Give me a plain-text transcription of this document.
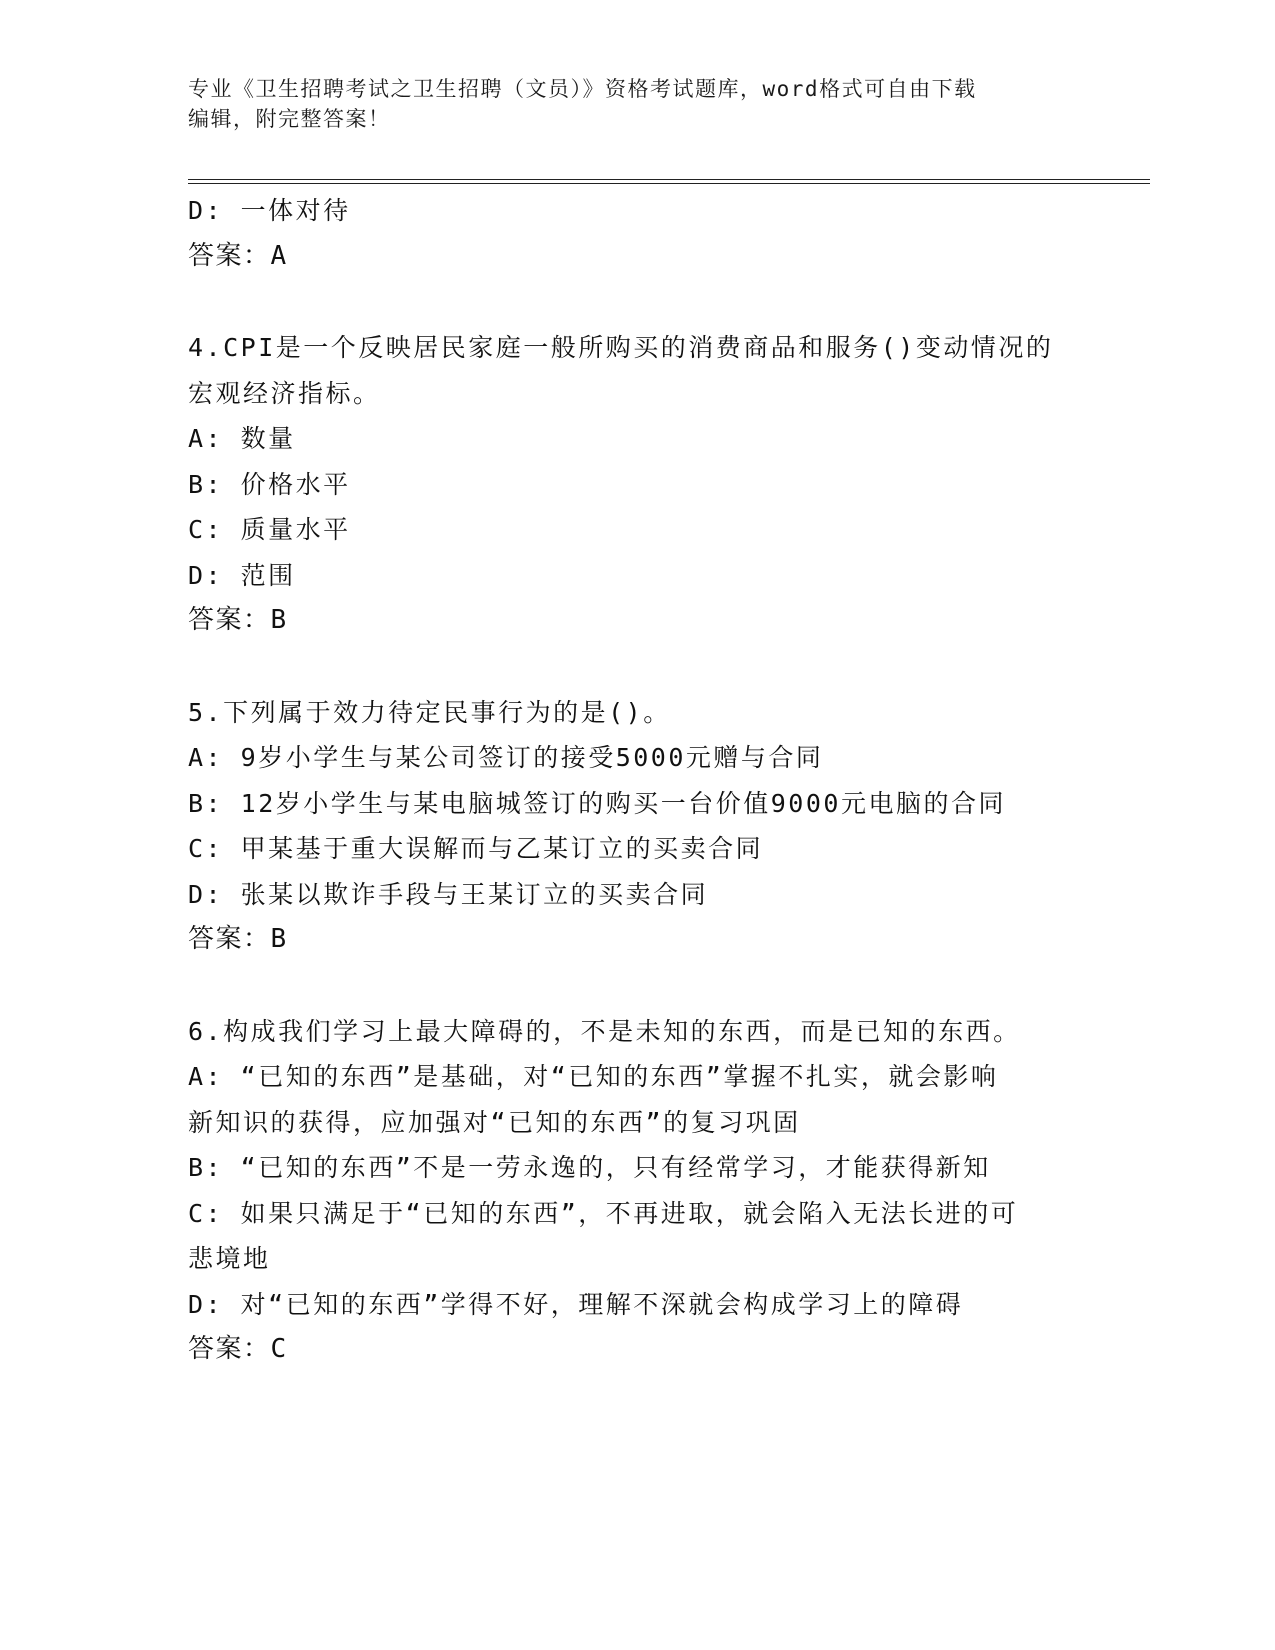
专业《卫生招聘考试之卫生招聘（文员）》资格考试题库，word格式可自由下载
编辑，附完整答案！
D: 一体对待
答案：A
4.CPI是一个反映居民家庭一般所购买的消费商品和服务()变动情况的
宏观经济指标。
A: 数量
B: 价格水平
C: 质量水平
D: 范围
答案：B
5.下列属于效力待定民事行为的是()。
A: 9岁小学生与某公司签订的接受5000元赠与合同
B: 12岁小学生与某电脑城签订的购买一台价值9000元电脑的合同
C: 甲某基于重大误解而与乙某订立的买卖合同
D: 张某以欺诈手段与王某订立的买卖合同
答案：B
6.构成我们学习上最大障碍的，不是未知的东西，而是已知的东西。
A: “已知的东西”是基础，对“已知的东西”掌握不扎实，就会影响
新知识的获得，应加强对“已知的东西”的复习巩固
B: “已知的东西”不是一劳永逸的，只有经常学习，才能获得新知
C: 如果只满足于“已知的东西”，不再进取，就会陷入无法长进的可
悲境地
D: 对“已知的东西”学得不好，理解不深就会构成学习上的障碍
答案：C
